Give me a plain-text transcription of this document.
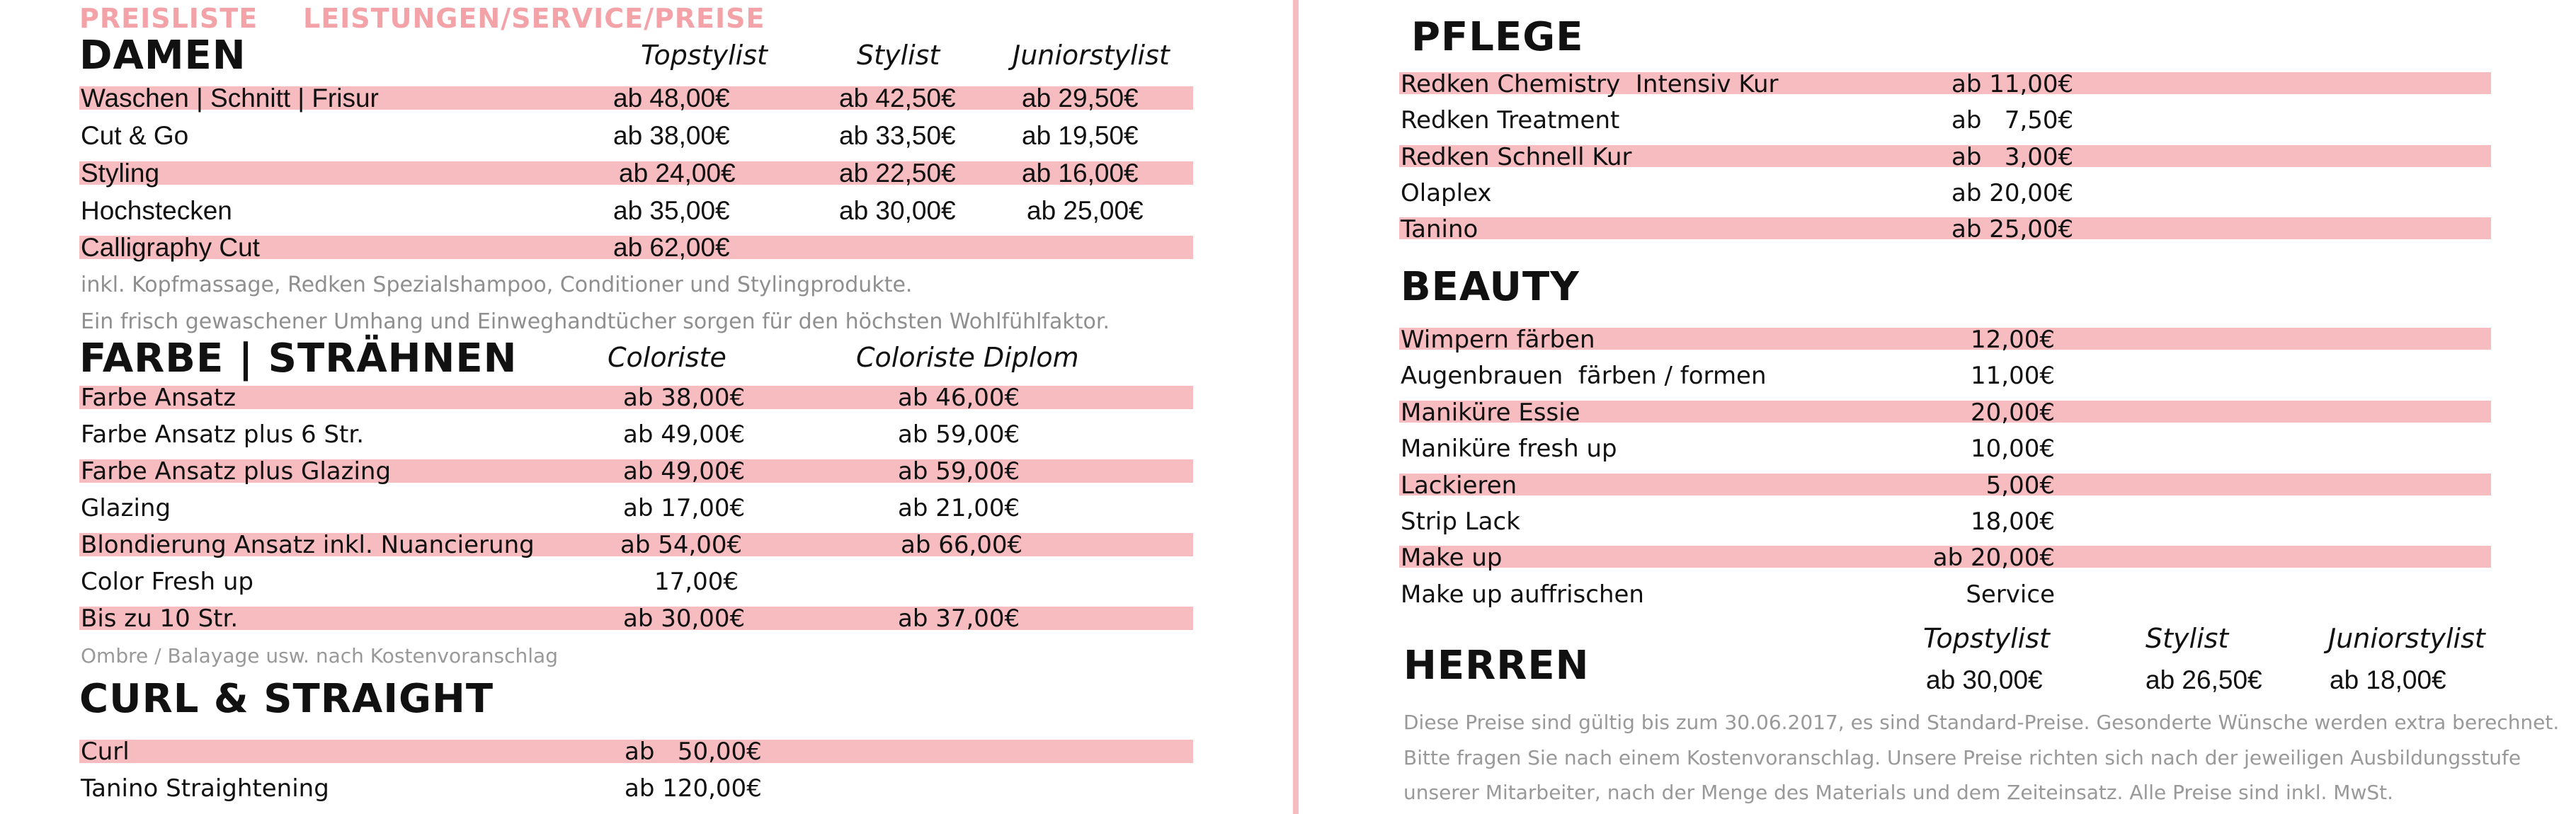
PREISLISTE LEISTUNGEN/SERVICE/PREISE
DAMEN	Topstylist	Stylist	Juniorstylist
Waschen | Schnitt | Frisur	ab 48,00€	ab 42,50€	ab 29,50€
Cut & Go	ab 38,00€	ab 33,50€	ab 19,50€
Styling	ab 24,00€	ab 22,50€	ab 16,00€
Hochstecken	ab 35,00€	ab 30,00€	ab 25,00€
Calligraphy Cut	ab 62,00€
inkl. Kopfmassage, Redken Spezialshampoo, Conditioner und Stylingprodukte.
Ein frisch gewaschener Umhang und Einweghandtücher sorgen für den höchsten Wohlfühlfaktor.
FARBE | STRÄHNEN	Coloriste	Coloriste Diplom
Farbe Ansatz	ab 38,00€	ab 46,00€
Farbe Ansatz plus 6 Str.	ab 49,00€	ab 59,00€
Farbe Ansatz plus Glazing	ab 49,00€	ab 59,00€
Glazing	ab 17,00€	ab 21,00€
Blondierung Ansatz inkl. Nuancierung	ab 54,00€	ab 66,00€
Color Fresh up	17,00€
Bis zu 10 Str.	ab 30,00€	ab 37,00€
Ombre / Balayage usw. nach Kostenvoranschlag
CURL & STRAIGHT
Curl	ab   50,00€
Tanino Straightening	ab 120,00€
PFLEGE
Redken Chemistry  Intensiv Kur	ab 11,00€
Redken Treatment	ab   7,50€
Redken Schnell Kur	ab   3,00€
Olaplex	ab 20,00€
Tanino	ab 25,00€
BEAUTY
Wimpern färben	12,00€
Augenbrauen  färben / formen	11,00€
Maniküre Essie	20,00€
Maniküre fresh up	10,00€
Lackieren	5,00€
Strip Lack	18,00€
Make up	ab 20,00€
Make up auffrischen	Service
Topstylist	Stylist	Juniorstylist
HERREN	ab 30,00€	ab 26,50€	ab 18,00€
Diese Preise sind gültig bis zum 30.06.2017, es sind Standard-Preise. Gesonderte Wünsche werden extra berechnet.
Bitte fragen Sie nach einem Kostenvoranschlag. Unsere Preise richten sich nach der jeweiligen Ausbildungsstufe
unserer Mitarbeiter, nach der Menge des Materials und dem Zeiteinsatz. Alle Preise sind inkl. MwSt.
